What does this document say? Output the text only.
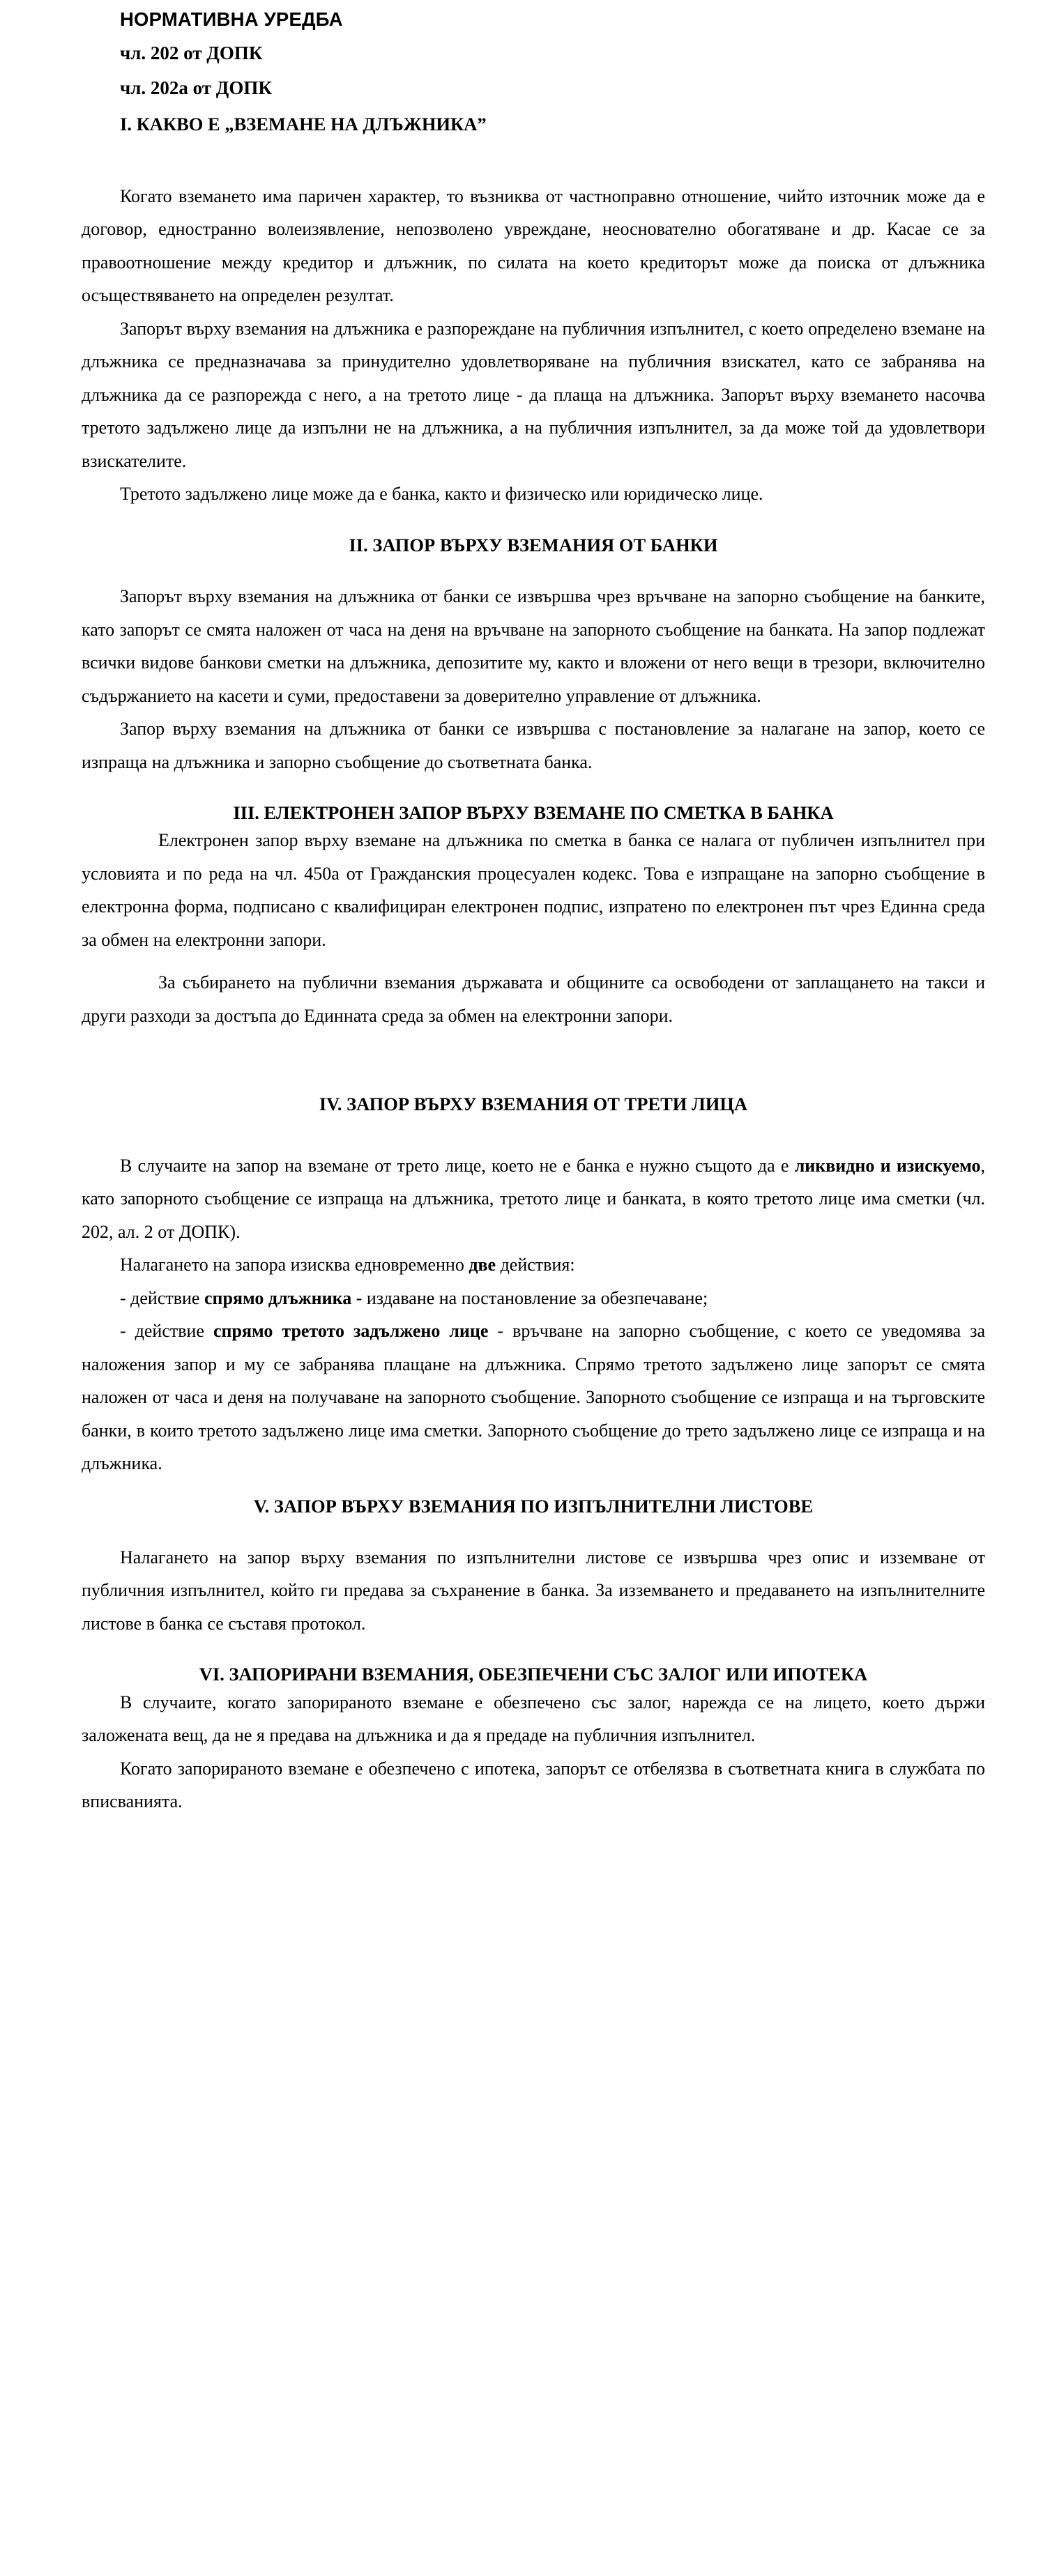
НОРМАТИВНА УРЕДБА
чл. 202 от ДОПК
чл. 202а от ДОПК
I. КАКВО Е „ВЗЕМАНЕ НА ДЛЪЖНИКА”

Когато вземането има паричен характер, то възниква от частноправно отношение, чийто източник може да е договор, едностранно волеизявление, непозволено увреждане, неоснователно обогатяване и др. Касае се за правоотношение между кредитор и длъжник, по силата на което кредиторът може да поиска от длъжника осъществяването на определен резултат.

Запорът върху вземания на длъжника е разпореждане на публичния изпълнител, с което определено вземане на длъжника се предназначава за принудително удовлетворяване на публичния взискател, като се забранява на длъжника да се разпорежда с него, а на третото лице - да плаща на длъжника. Запорът върху вземането насочва третото задължено лице да изпълни не на длъжника, а на публичния изпълнител, за да може той да удовлетвори взискателите.

Третото задължено лице може да е банка, както и физическо или юридическо лице.

II. ЗАПОР ВЪРХУ ВЗЕМАНИЯ ОТ БАНКИ

Запорът върху вземания на длъжника от банки се извършва чрез връчване на запорно съобщение на банките, като запорът се смята наложен от часа на деня на връчване на запорното съобщение на банката. На запор подлежат всички видове банкови сметки на длъжника, депозитите му, както и вложени от него вещи в трезори, включително съдържанието на касети и суми, предоставени за доверително управление от длъжника.

Запор върху вземания на длъжника от банки се извършва с постановление за налагане на запор, което се изпраща на длъжника и запорно съобщение до съответната банка.

III. ЕЛЕКТРОНЕН ЗАПОР ВЪРХУ ВЗЕМАНЕ ПО СМЕТКА В БАНКА

Електронен запор върху вземане на длъжника по сметка в банка се налага от публичен изпълнител при условията и по реда на чл. 450а от Гражданския процесуален кодекс. Това е изпращане на запорно съобщение в електронна форма, подписано с квалифициран електронен подпис, изпратено по електронен път чрез Единна среда за обмен на електронни запори.

За събирането на публични вземания държавата и общините са освободени от заплащането на такси и други разходи за достъпа до Единната среда за обмен на електронни запори.

IV. ЗАПОР ВЪРХУ ВЗЕМАНИЯ ОТ ТРЕТИ ЛИЦА

В случаите на запор на вземане от трето лице, което не е банка е нужно същото да е ликвидно и изискуемо, като запорното съобщение се изпраща на длъжника, третото лице и банката, в която третото лице има сметки (чл. 202, ал. 2 от ДОПК).

Налагането на запора изисква едновременно две действия:

- действие спрямо длъжника - издаване на постановление за обезпечаване;

- действие спрямо третото задължено лице - връчване на запорно съобщение, с което се уведомява за наложения запор и му се забранява плащане на длъжника. Спрямо третото задължено лице запорът се смята наложен от часа и деня на получаване на запорното съобщение. Запорното съобщение се изпраща и на търговските банки, в които третото задължено лице има сметки. Запорното съобщение до трето задължено лице се изпраща и на длъжника.

V. ЗАПОР ВЪРХУ ВЗЕМАНИЯ ПО ИЗПЪЛНИТЕЛНИ ЛИСТОВЕ

Налагането на запор върху вземания по изпълнителни листове се извършва чрез опис и изземване от публичния изпълнител, който ги предава за съхранение в банка. За изземването и предаването на изпълнителните листове в банка се съставя протокол.

VI. ЗАПОРИРАНИ ВЗЕМАНИЯ, ОБЕЗПЕЧЕНИ СЪС ЗАЛОГ ИЛИ ИПОТЕКА

В случаите, когато запорираното вземане е обезпечено със залог, нарежда се на лицето, което държи заложената вещ, да не я предава на длъжника и да я предаде на публичния изпълнител.

Когато запорираното вземане е обезпечено с ипотека, запорът се отбелязва в съответната книга в службата по вписванията.
